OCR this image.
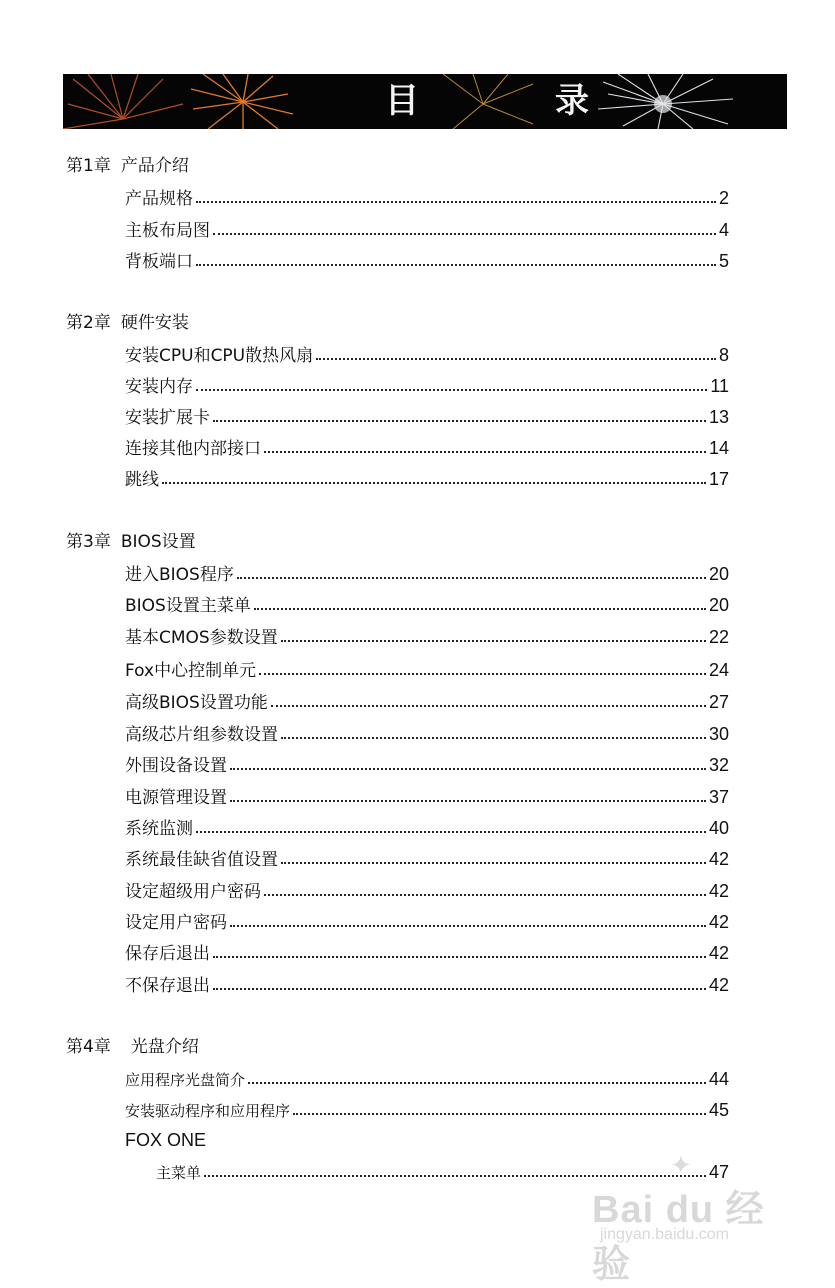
目	录
第1章 产品介绍
产品规格	2
主板布局图	4
背板端口	5
第2章 硬件安装
安装CPU和CPU散热风扇	8
安装内存	11
安装扩展卡	13
连接其他内部接口	14
跳线	17
第3章 BIOS设置
进入BIOS程序	20
BIOS设置主菜单	20
基本CMOS参数设置	22
Fox中心控制单元	24
高级BIOS设置功能	27
高级芯片组参数设置	30
外围设备设置	32
电源管理设置	37
系统监测	40
系统最佳缺省值设置	42
设定超级用户密码	42
设定用户密码	42
保存后退出	42
不保存退出	42
第4章 光盘介绍
应用程序光盘简介	44
安装驱动程序和应用程序	45
FOX ONE
主菜单	47
✦
Bai du 经验
jingyan.baidu.com
